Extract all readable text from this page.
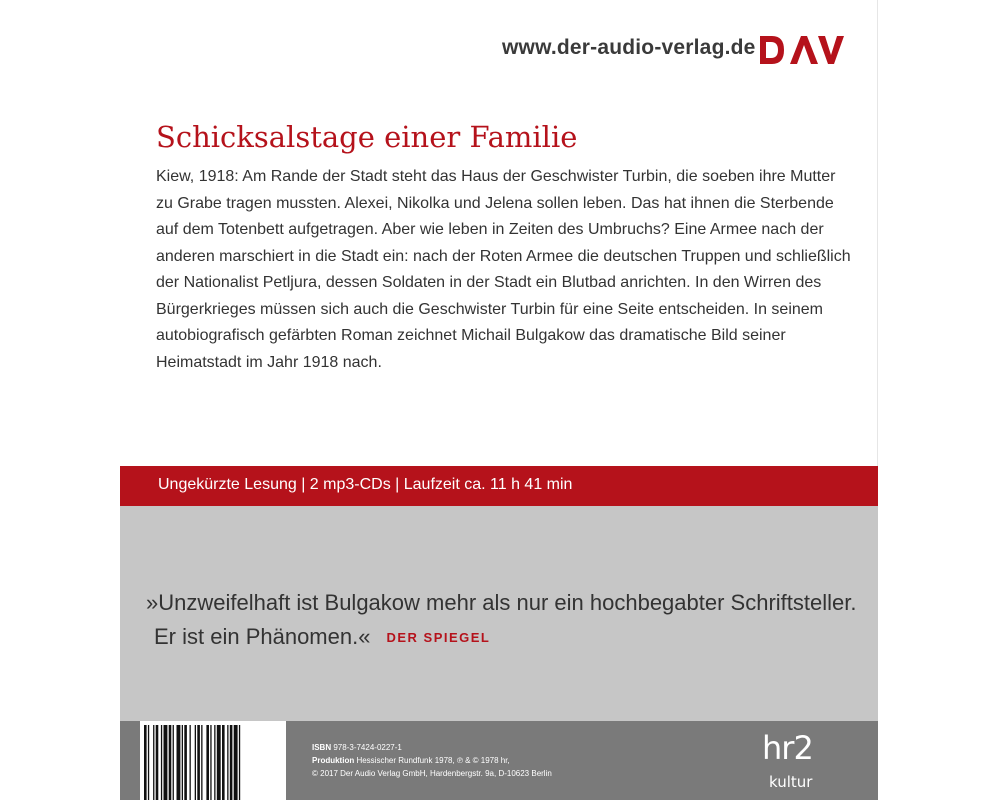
www.der-audio-verlag.de
Schicksalstage einer Familie

Kiew, 1918: Am Rande der Stadt steht das Haus der Geschwister Turbin, die soeben ihre Mutter zu Grabe tragen mussten. Alexei, Nikolka und Jelena sollen leben. Das hat ihnen die Sterbende auf dem Totenbett aufgetragen. Aber wie leben in Zeiten des Umbruchs? Eine Armee nach der anderen marschiert in die Stadt ein: nach der Roten Armee die deutschen Truppen und schließlich der Nationalist Petljura, dessen Soldaten in der Stadt ein Blutbad anrichten. In den Wirren des Bürgerkrieges müssen sich auch die Geschwister Turbin für eine Seite entscheiden. In seinem autobiografisch gefärbten Roman zeichnet Michail Bulgakow das dramatische Bild seiner Heimatstadt im Jahr 1918 nach.

Ungekürzte Lesung | 2 mp3-CDs | Laufzeit ca. 11 h 41 min
»Unzweifelhaft ist Bulgakow mehr als nur ein hochbegabter Schriftsteller.
Er ist ein Phänomen.« DER SPIEGEL
ISBN 978-3-7424-0227-1
Produktion Hessischer Rundfunk 1978, ℗ & © 1978 hr,
© 2017 Der Audio Verlag GmbH, Hardenbergstr. 9a, D-10623 Berlin
hr2
kultur
